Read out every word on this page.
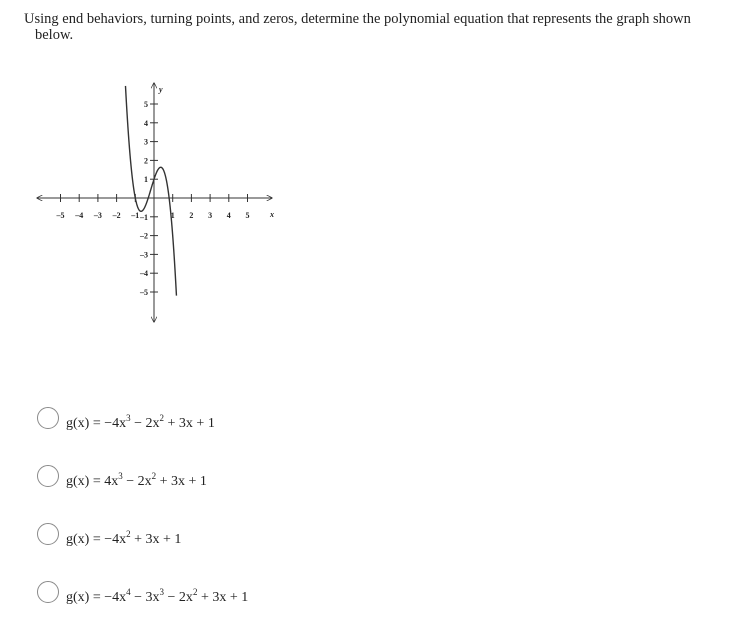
Using end behaviors, turning points, and zeros, determine the polynomial equation that represents the graph shown
below.
–5 –4 –3 –2 –1	1 2 3 4 5
5
4
3
2
1
–1
–2
–3
–4
–5
x
y
$g(x) = -4x^3 - 2x^2 + 3x + 1$
$g(x) = 4x^3 - 2x^2 + 3x + 1$
$g(x) = -4x^2 + 3x + 1$
$g(x) = -4x^4 - 3x^3 - 2x^2 + 3x + 1$
